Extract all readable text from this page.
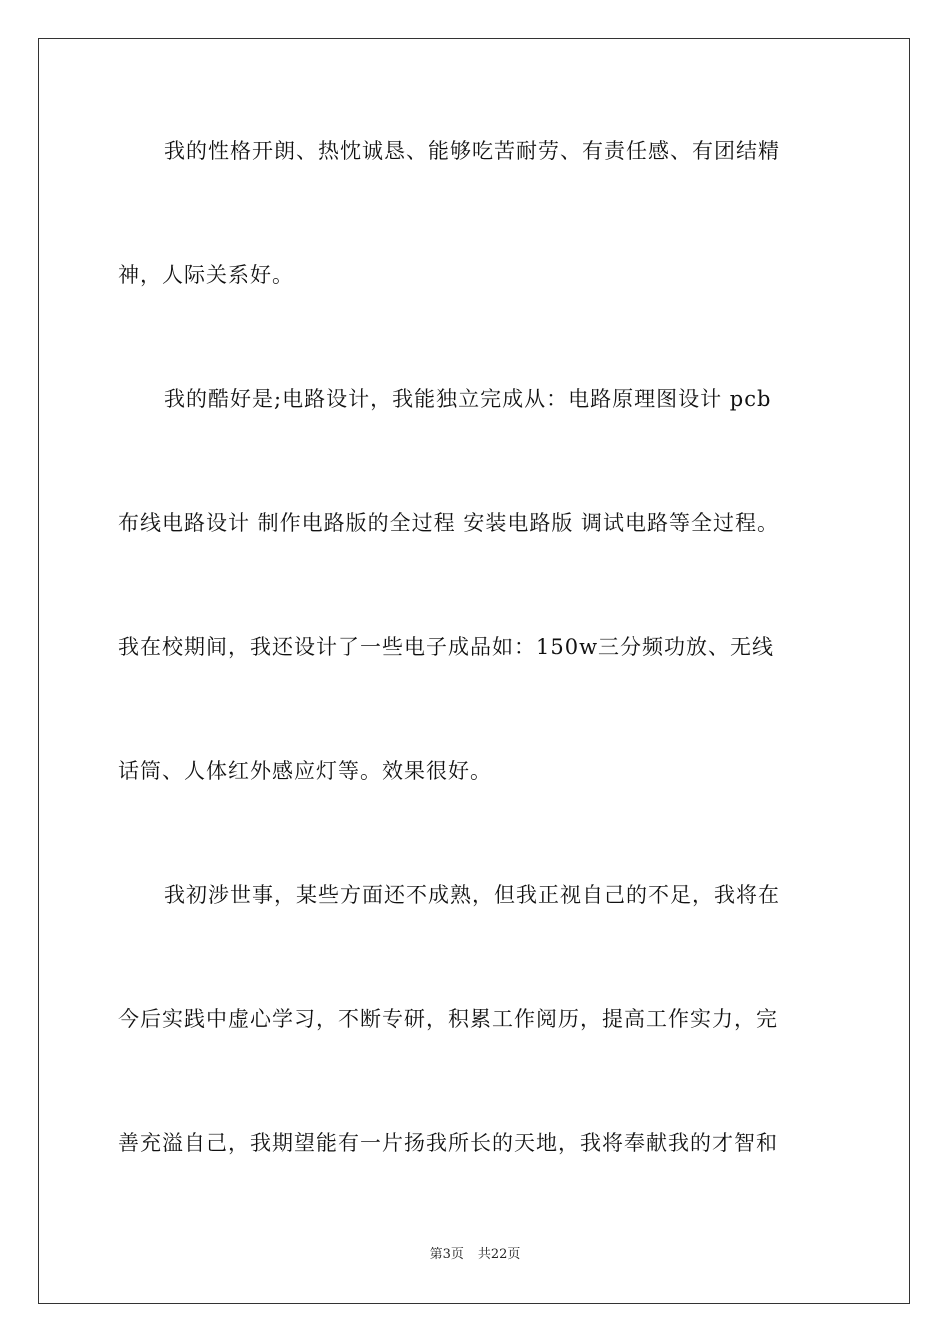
我的性格开朗、热忱诚恳、能够吃苦耐劳、有责任感、有团结精
神，人际关系好。
我的酷好是;电路设计，我能独立完成从：电路原理图设计 pcb
布线电路设计 制作电路版的全过程 安装电路版 调试电路等全过程。
我在校期间，我还设计了一些电子成品如：150w三分频功放、无线
话筒、人体红外感应灯等。效果很好。
我初涉世事，某些方面还不成熟，但我正视自己的不足，我将在
今后实践中虚心学习，不断专研，积累工作阅历，提高工作实力，完
善充溢自己，我期望能有一片扬我所长的天地，我将奉献我的才智和
第3页 共22页
